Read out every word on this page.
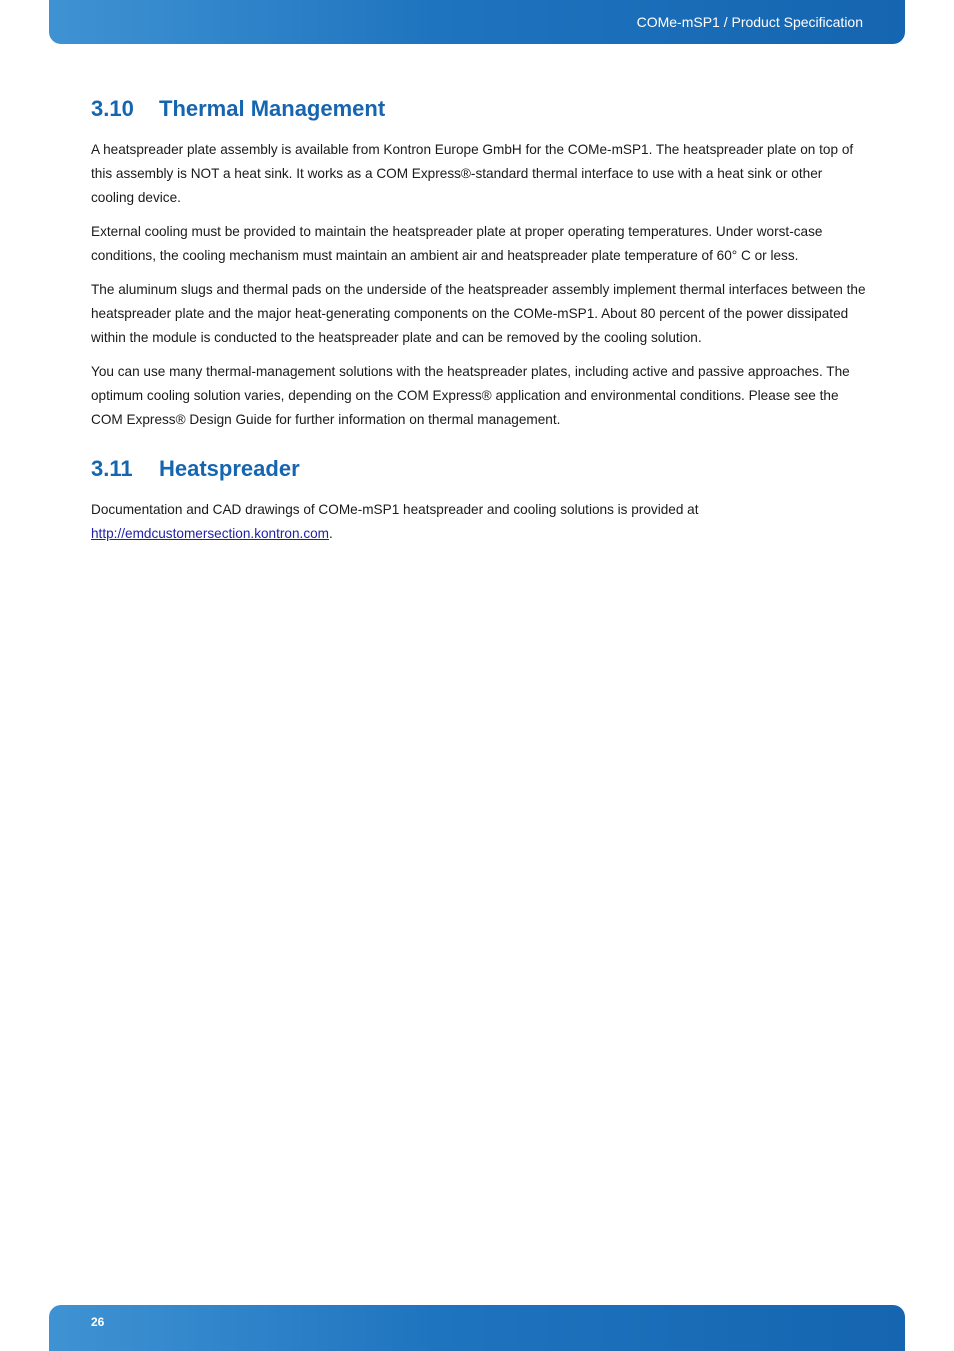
COMe-mSP1 / Product Specification
3.10	Thermal Management

A heatspreader plate assembly is available from Kontron Europe GmbH for the COMe-mSP1. The heatspreader plate on top of this assembly is NOT a heat sink. It works as a COM Express®-standard thermal interface to use with a heat sink or other cooling device.

External cooling must be provided to maintain the heatspreader plate at proper operating temperatures. Under worst-case conditions, the cooling mechanism must maintain an ambient air and heatspreader plate temperature of 60° C or less.

The aluminum slugs and thermal pads on the underside of the heatspreader assembly implement thermal interfaces between the heatspreader plate and the major heat-generating components on the COMe-mSP1. About 80 percent of the power dissipated within the module is conducted to the heatspreader plate and can be removed by the cooling solution.

You can use many thermal-management solutions with the heatspreader plates, including active and passive approaches. The optimum cooling solution varies, depending on the COM Express® application and environmental conditions. Please see the COM Express® Design Guide for further information on thermal management.

3.11	Heatspreader

Documentation and CAD drawings of COMe-mSP1 heatspreader and cooling solutions is provided at
http://emdcustomersection.kontron.com.

26
